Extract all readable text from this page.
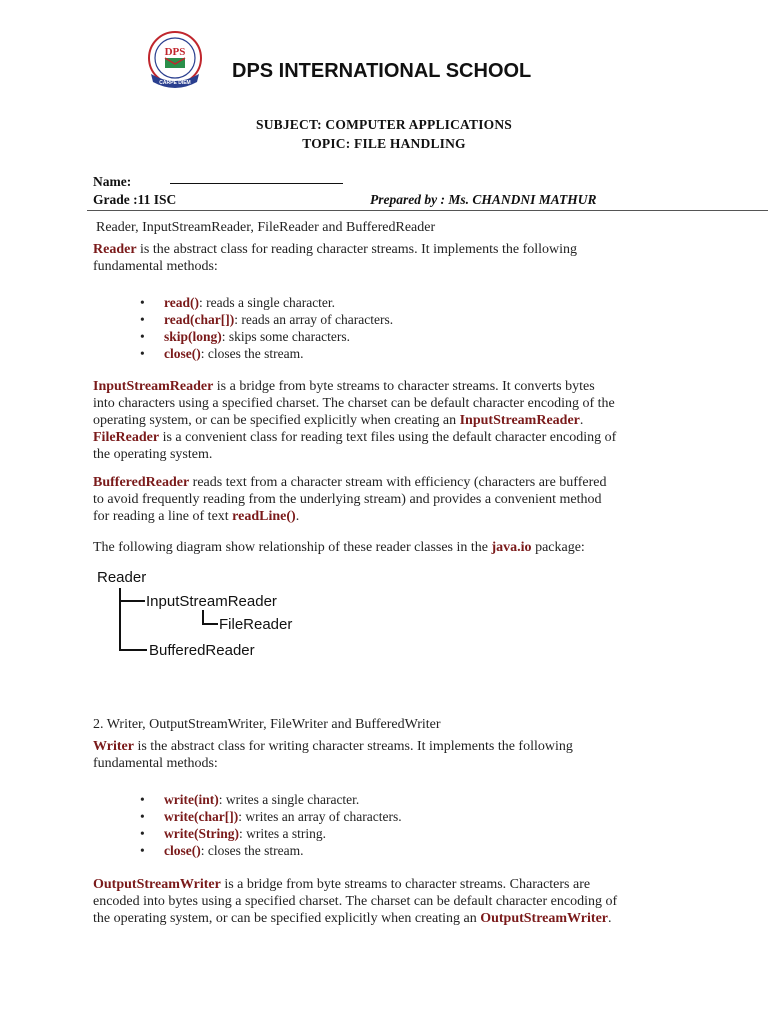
DPS
CARPE DIEM
DPS INTERNATIONAL SCHOOL
SUBJECT: COMPUTER APPLICATIONS
TOPIC: FILE HANDLING
Name:
Grade :11 ISC	Prepared by : Ms. CHANDNI MATHUR
Reader, InputStreamReader, FileReader and BufferedReader
Reader is the abstract class for reading character streams. It implements the following
fundamental methods:
• read(): reads a single character.
• read(char[]): reads an array of characters.
• skip(long): skips some characters.
• close(): closes the stream.
InputStreamReader is a bridge from byte streams to character streams. It converts bytes
into characters using a specified charset. The charset can be default character encoding of the
operating system, or can be specified explicitly when creating an InputStreamReader.
FileReader is a convenient class for reading text files using the default character encoding of
the operating system.
BufferedReader reads text from a character stream with efficiency (characters are buffered
to avoid frequently reading from the underlying stream) and provides a convenient method
for reading a line of text readLine().
The following diagram show relationship of these reader classes in the java.io package:
Reader
InputStreamReader
FileReader
BufferedReader
2. Writer, OutputStreamWriter, FileWriter and BufferedWriter
Writer is the abstract class for writing character streams. It implements the following
fundamental methods:
• write(int): writes a single character.
• write(char[]): writes an array of characters.
• write(String): writes a string.
• close(): closes the stream.
OutputStreamWriter is a bridge from byte streams to character streams. Characters are
encoded into bytes using a specified charset. The charset can be default character encoding of
the operating system, or can be specified explicitly when creating an OutputStreamWriter.
